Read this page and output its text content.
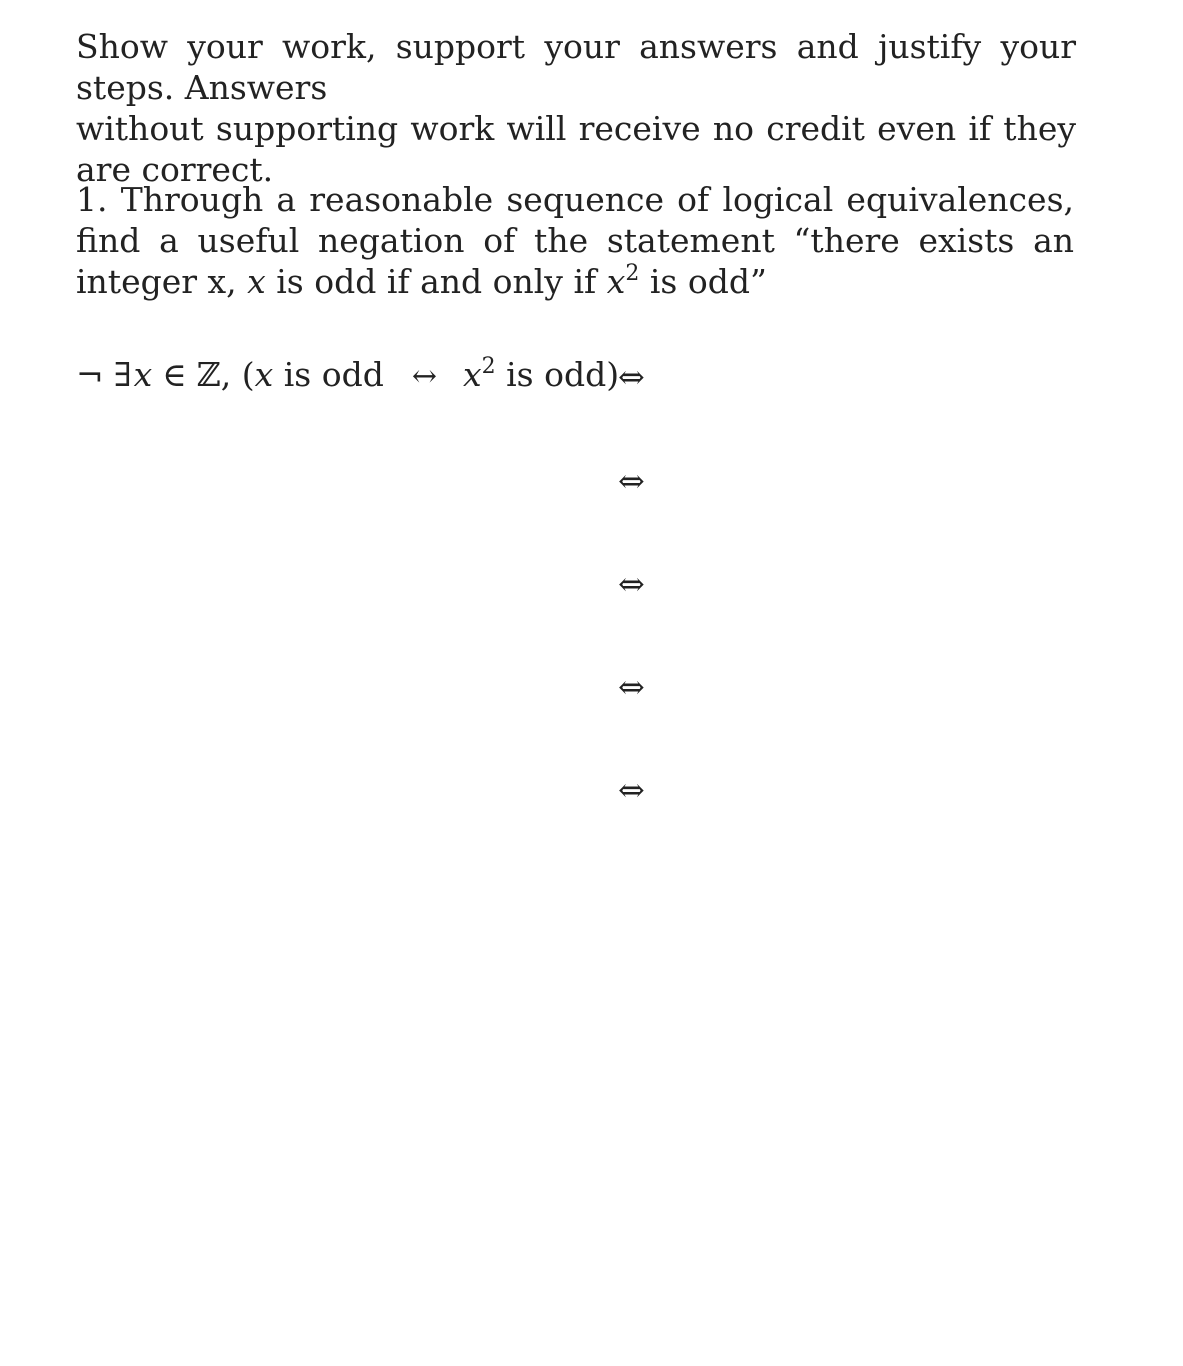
Show your work, support your answers and justify your steps. Answers
without supporting work will receive no credit even if they are correct.
1. Through a reasonable sequence of logical equivalences, find a useful negation of the statement “there exists an integer x, x is odd if and only if $x^2$ is odd”
¬ ∃x ∈ ℤ, (x is odd ↔ $x^2$ is odd)
⇔
⇔
⇔
⇔
⇔
